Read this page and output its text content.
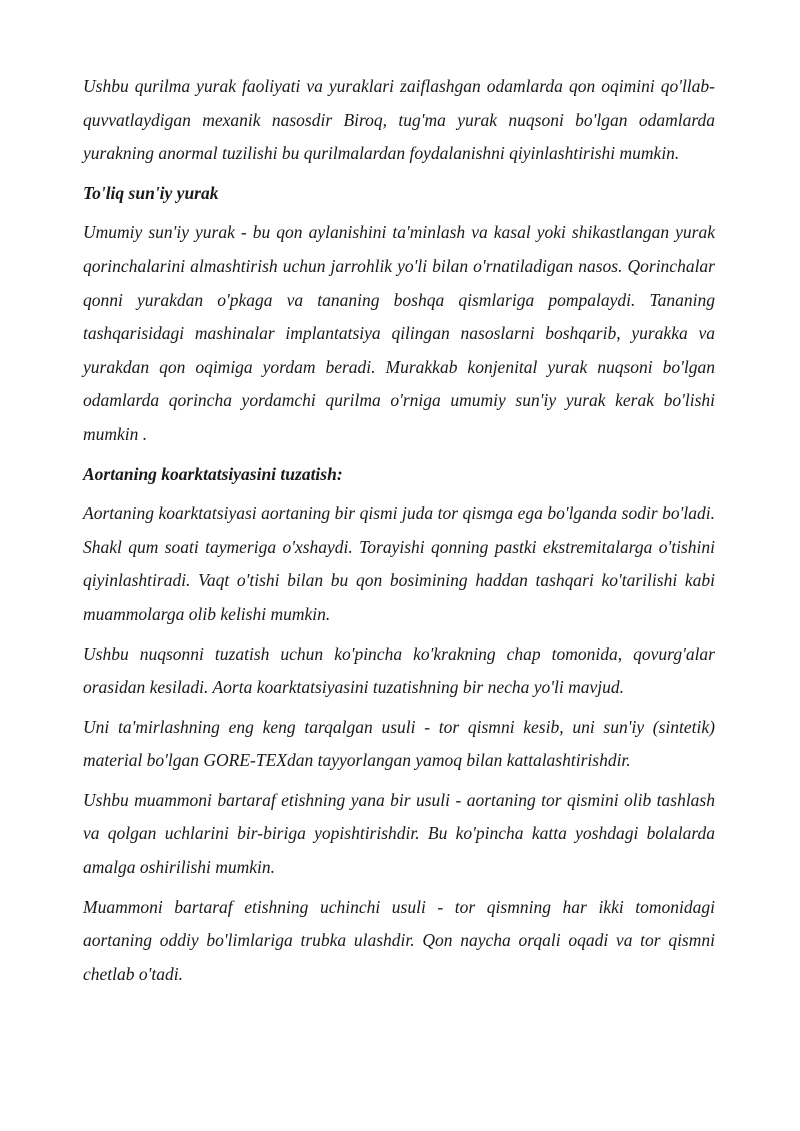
Ushbu qurilma yurak faoliyati va yuraklari zaiflashgan odamlarda qon oqimini qo'llab-quvvatlaydigan mexanik nasosdir Biroq, tug'ma yurak nuqsoni bo'lgan odamlarda yurakning anormal tuzilishi bu qurilmalardan foydalanishni qiyinlashtirishi mumkin.

To'liq sun'iy yurak

Umumiy sun'iy yurak - bu qon aylanishini ta'minlash va kasal yoki shikastlangan yurak qorinchalarini almashtirish uchun jarrohlik yo'li bilan o'rnatiladigan nasos. Qorinchalar qonni yurakdan o'pkaga va tananing boshqa qismlariga pompalaydi. Tananing tashqarisidagi mashinalar implantatsiya qilingan nasoslarni boshqarib, yurakka va yurakdan qon oqimiga yordam beradi. Murakkab konjenital yurak nuqsoni bo'lgan odamlarda qorincha yordamchi qurilma o'rniga umumiy sun'iy yurak kerak bo'lishi mumkin .

Aortaning koarktatsiyasini tuzatish:

Aortaning koarktatsiyasi aortaning bir qismi juda tor qismga ega bo'lganda sodir bo'ladi. Shakl qum soati taymeriga o'xshaydi. Torayishi qonning pastki ekstremitalarga o'tishini qiyinlashtiradi. Vaqt o'tishi bilan bu qon bosimining haddan tashqari ko'tarilishi kabi muammolarga olib kelishi mumkin.

Ushbu nuqsonni tuzatish uchun ko'pincha ko'krakning chap tomonida, qovurg'alar orasidan kesiladi. Aorta koarktatsiyasini tuzatishning bir necha yo'li mavjud.

Uni ta'mirlashning eng keng tarqalgan usuli - tor qismni kesib, uni sun'iy (sintetik) material bo'lgan GORE-TEXdan tayyorlangan yamoq bilan kattalashtirishdir.

Ushbu muammoni bartaraf etishning yana bir usuli - aortaning tor qismini olib tashlash va qolgan uchlarini bir-biriga yopishtirishdir. Bu ko'pincha katta yoshdagi bolalarda amalga oshirilishi mumkin.

Muammoni bartaraf etishning uchinchi usuli - tor qismning har ikki tomonidagi aortaning oddiy bo'limlariga trubka ulashdir. Qon naycha orqali oqadi va tor qismni chetlab o'tadi.
